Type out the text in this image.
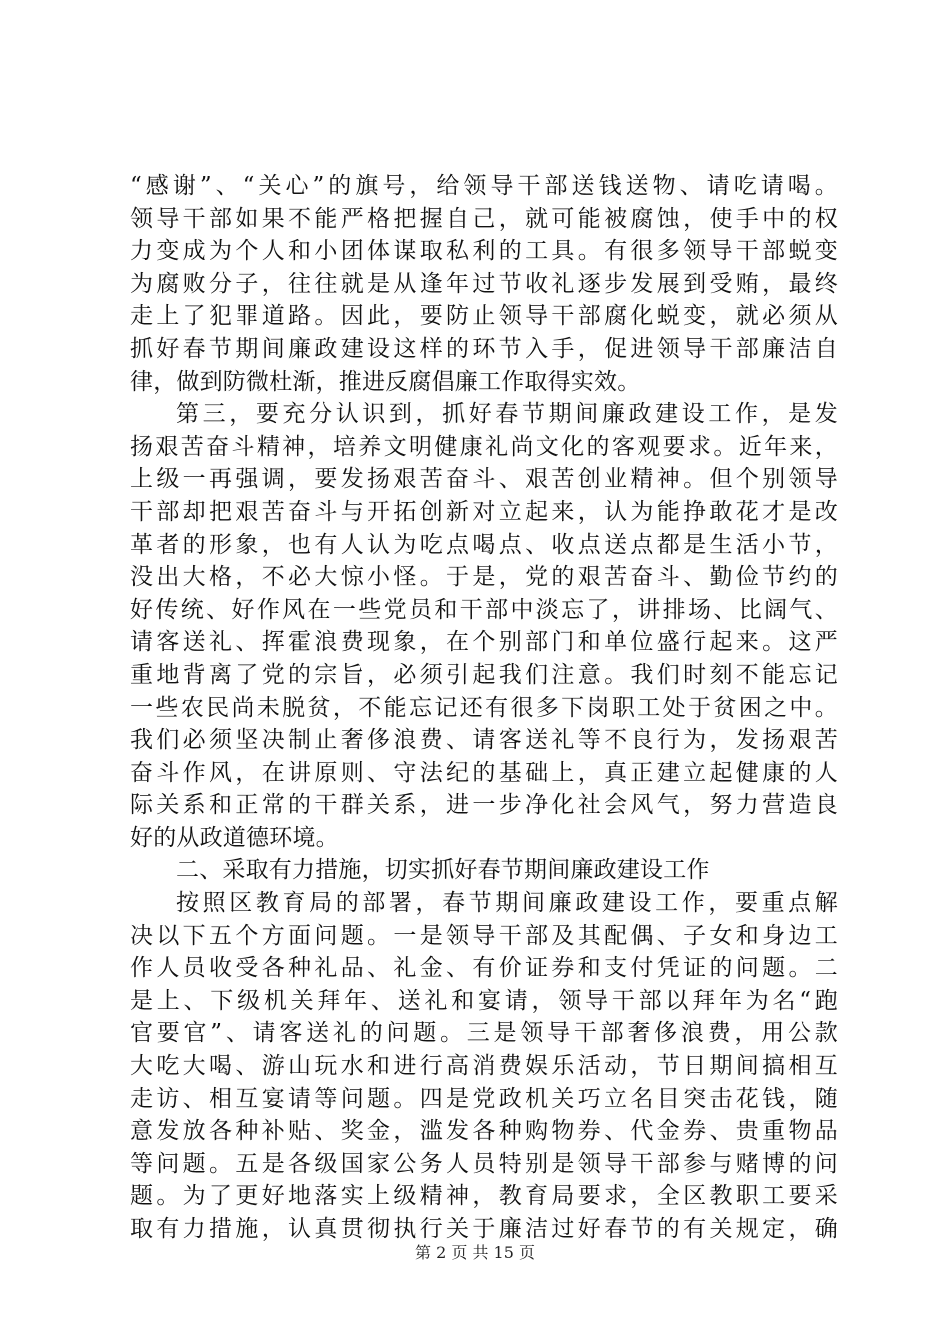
“感谢”、“关心”的旗号，给领导干部送钱送物、请吃请喝。
领导干部如果不能严格把握自己，就可能被腐蚀，使手中的权
力变成为个人和小团体谋取私利的工具。有很多领导干部蜕变
为腐败分子，往往就是从逢年过节收礼逐步发展到受贿，最终
走上了犯罪道路。因此，要防止领导干部腐化蜕变，就必须从
抓好春节期间廉政建设这样的环节入手，促进领导干部廉洁自
律，做到防微杜渐，推进反腐倡廉工作取得实效。
第三，要充分认识到，抓好春节期间廉政建设工作，是发
扬艰苦奋斗精神，培养文明健康礼尚文化的客观要求。近年来，
上级一再强调，要发扬艰苦奋斗、艰苦创业精神。但个别领导
干部却把艰苦奋斗与开拓创新对立起来，认为能挣敢花才是改
革者的形象，也有人认为吃点喝点、收点送点都是生活小节，
没出大格，不必大惊小怪。于是，党的艰苦奋斗、勤俭节约的
好传统、好作风在一些党员和干部中淡忘了，讲排场、比阔气、
请客送礼、挥霍浪费现象，在个别部门和单位盛行起来。这严
重地背离了党的宗旨，必须引起我们注意。我们时刻不能忘记
一些农民尚未脱贫，不能忘记还有很多下岗职工处于贫困之中。
我们必须坚决制止奢侈浪费、请客送礼等不良行为，发扬艰苦
奋斗作风，在讲原则、守法纪的基础上，真正建立起健康的人
际关系和正常的干群关系，进一步净化社会风气，努力营造良
好的从政道德环境。
二、采取有力措施，切实抓好春节期间廉政建设工作
按照区教育局的部署，春节期间廉政建设工作，要重点解
决以下五个方面问题。一是领导干部及其配偶、子女和身边工
作人员收受各种礼品、礼金、有价证券和支付凭证的问题。二
是上、下级机关拜年、送礼和宴请，领导干部以拜年为名“跑
官要官”、请客送礼的问题。三是领导干部奢侈浪费，用公款
大吃大喝、游山玩水和进行高消费娱乐活动，节日期间搞相互
走访、相互宴请等问题。四是党政机关巧立名目突击花钱，随
意发放各种补贴、奖金，滥发各种购物券、代金券、贵重物品
等问题。五是各级国家公务人员特别是领导干部参与赌博的问
题。为了更好地落实上级精神，教育局要求，全区教职工要采
取有力措施，认真贯彻执行关于廉洁过好春节的有关规定，确
第 2 页 共 15 页
